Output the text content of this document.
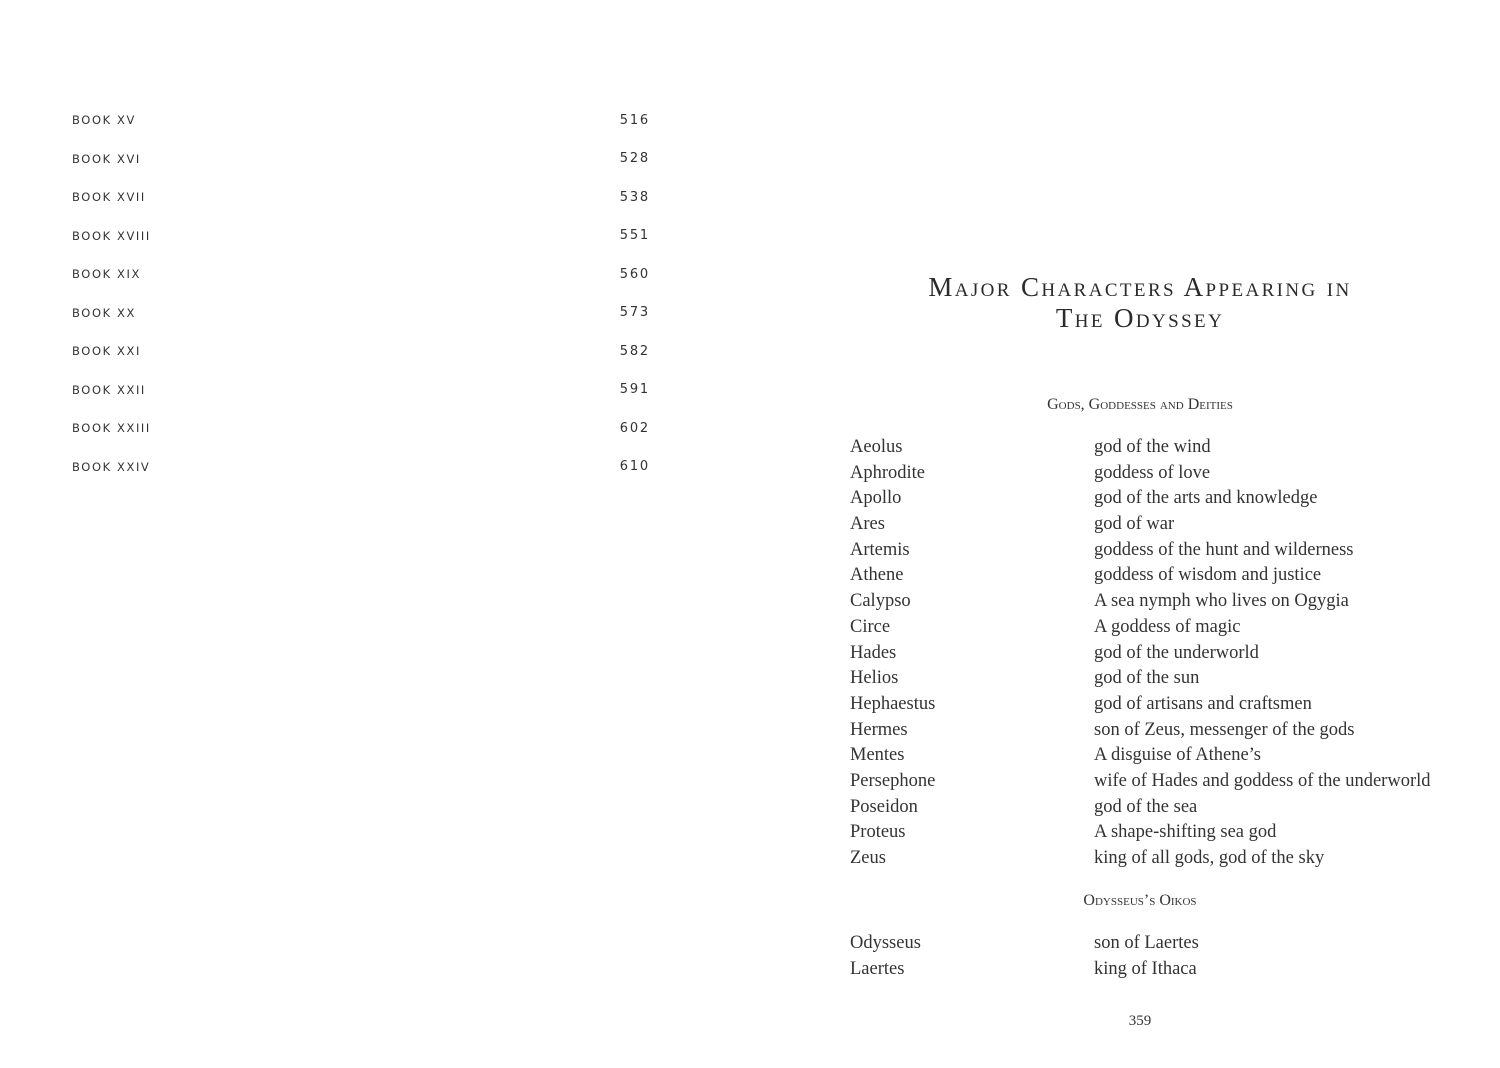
BOOK XV	516
BOOK XVI	528
BOOK XVII	538
BOOK XVIII	551
BOOK XIX	560
BOOK XX	573
BOOK XXI	582
BOOK XXII	591
BOOK XXIII	602
BOOK XXIV	610
Major Characters Appearing in
The Odyssey
Gods, Goddesses and Deities
Aeolus	god of the wind
Aphrodite	goddess of love
Apollo	god of the arts and knowledge
Ares	god of war
Artemis	goddess of the hunt and wilderness
Athene	goddess of wisdom and justice
Calypso	A sea nymph who lives on Ogygia
Circe	A goddess of magic
Hades	god of the underworld
Helios	god of the sun
Hephaestus	god of artisans and craftsmen
Hermes	son of Zeus, messenger of the gods
Mentes	A disguise of Athene’s
Persephone	wife of Hades and goddess of the underworld
Poseidon	god of the sea
Proteus	A shape-shifting sea god
Zeus	king of all gods, god of the sky
Odysseus’s Oikos
Odysseus	son of Laertes
Laertes	king of Ithaca
359
